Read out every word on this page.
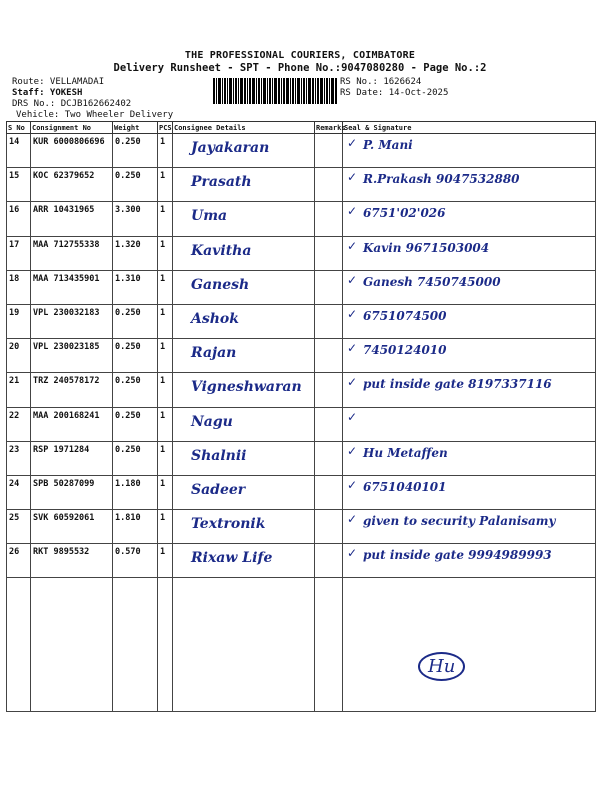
THE PROFESSIONAL COURIERS, COIMBATORE
Delivery Runsheet - SPT - Phone No.:9047080280 - Page No.:2
Route: VELLAMADAI
Staff: YOKESH
DRS No.: DCJB162662402
Vehicle: Two Wheeler Delivery
RS No.: 1626624
RS Date: 14-Oct-2025
S No	Consignment No	Weight	PCS	Consignee Details	Remarks	Seal & Signature
14	KUR 6000806696	0.250	1	Jayakaran		P. Mani
✓

15	KOC 62379652	0.250	1	Prasath		R.Prakash 9047532880
✓

16	ARR 10431965	3.300	1	Uma		6751'02'026
✓

17	MAA 712755338	1.320	1	Kavitha		Kavin 9671503004
✓

18	MAA 713435901	1.310	1	Ganesh		Ganesh 7450745000
✓

19	VPL 230032183	0.250	1	Ashok		6751074500
✓

20	VPL 230023185	0.250	1	Rajan		7450124010
✓

21	TRZ 240578172	0.250	1	Vigneshwaran		put inside gate 8197337116
✓

22	MAA 200168241	0.250	1	Nagu		✓

23	RSP 1971284	0.250	1	Shalnii		Hu Metaffen
✓

24	SPB 50287099	1.180	1	Sadeer		6751040101
✓

25	SVK 60592061	1.810	1	Textronik		given to security Palanisamy
✓

26	RKT 9895532	0.570	1	Rixaw Life		put inside gate 9994989993
✓

Hu
